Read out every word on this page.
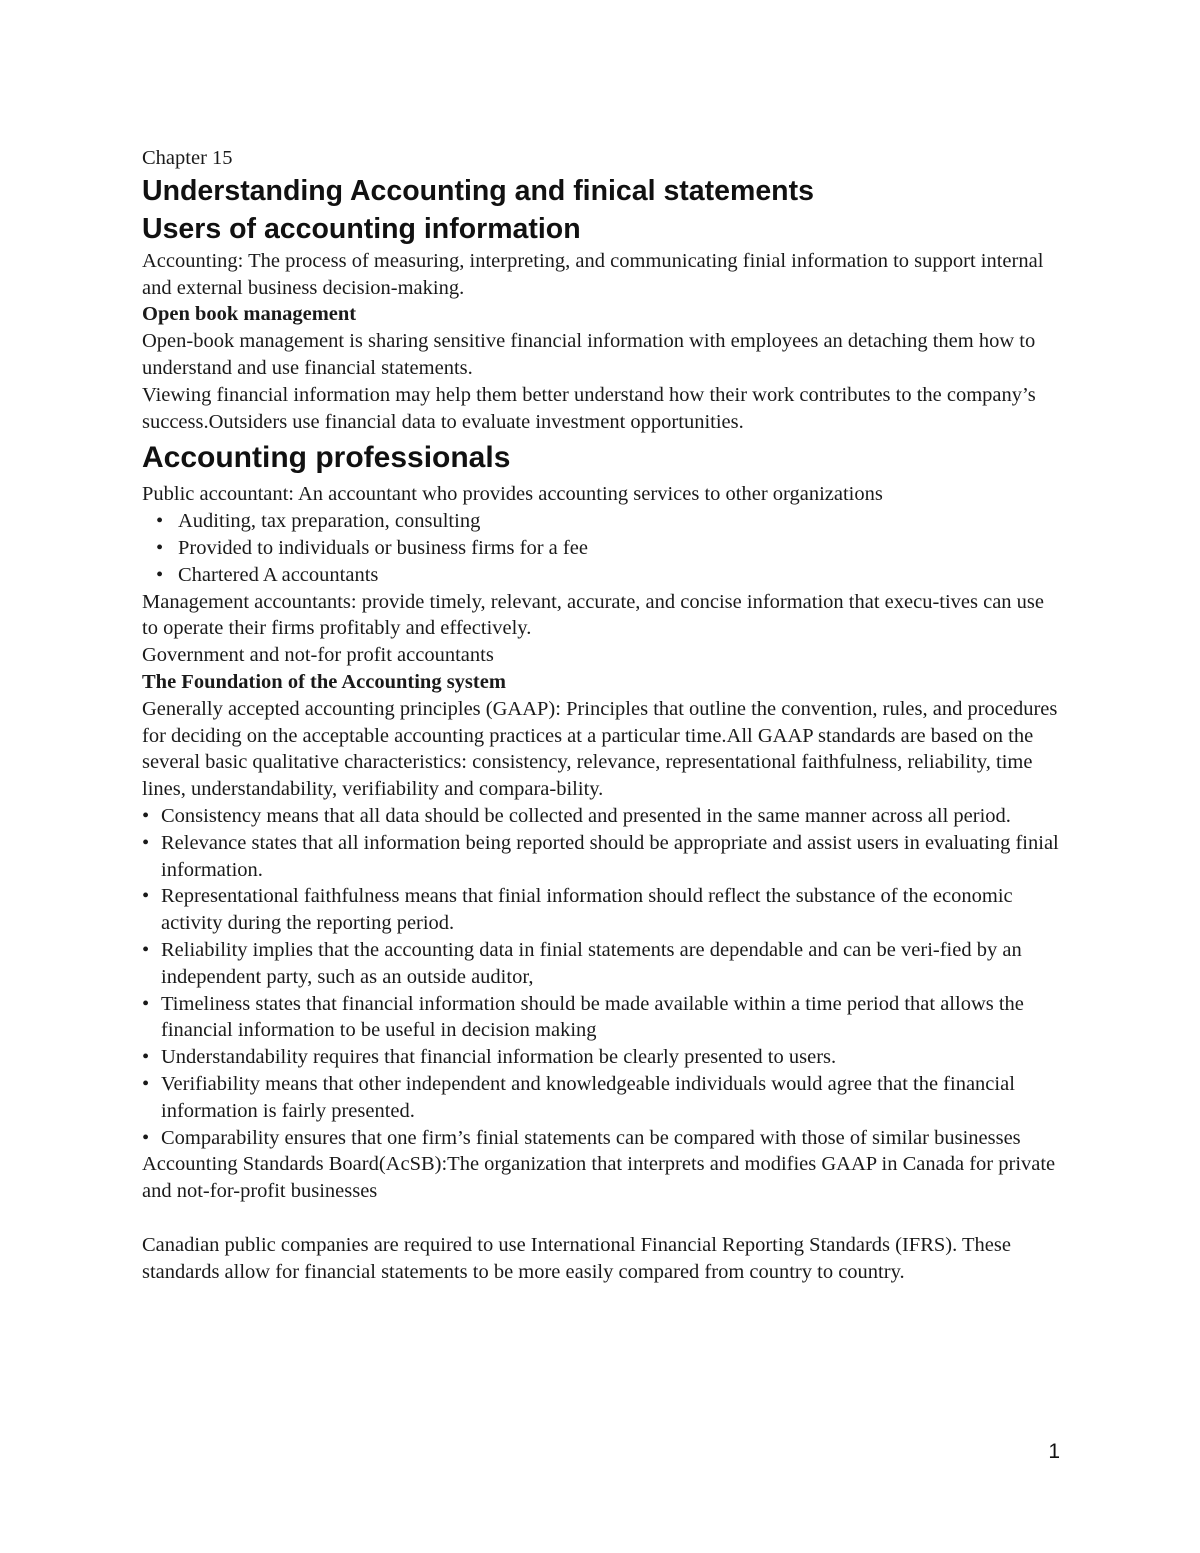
Chapter 15

Understanding Accounting and finical statements
Users of accounting information

Accounting: The process of measuring, interpreting, and communicating finial information to support internal and external business decision-making.

Open book management

Open-book management is sharing sensitive financial information with employees an detaching them how to understand and use financial statements.

Viewing financial information may help them better understand how their work contributes to the company’s success.Outsiders use financial data to evaluate investment opportunities.

Accounting professionals

Public accountant: An accountant who provides accounting services to other organizations

• Auditing, tax preparation, consulting
• Provided to individuals or business firms for a fee
• Chartered A accountants

Management accountants: provide timely, relevant, accurate, and concise information that execu-tives can use to operate their firms profitably and effectively.

Government and not-for profit accountants

The Foundation of the Accounting system

Generally accepted accounting principles (GAAP): Principles that outline the convention, rules, and procedures for deciding on the acceptable accounting practices at a particular time.All GAAP standards are based on the several basic qualitative characteristics: consistency, relevance, representational faithfulness, reliability, time lines, understandability, verifiability and compara-bility.

• Consistency means that all data should be collected and presented in the same manner across all period.
• Relevance states that all information being reported should be appropriate and assist users in evaluating finial information.
• Representational faithfulness means that finial information should reflect the substance of the economic activity during the reporting period.
• Reliability implies that the accounting data in finial statements are dependable and can be veri-fied by an independent party, such as an outside auditor,
• Timeliness states that financial information should be made available within a time period that allows the financial information to be useful in decision making
• Understandability requires that financial information be clearly presented to users.
• Verifiability means that other independent and knowledgeable individuals would agree that the financial information is fairly presented.
• Comparability ensures that one firm’s finial statements can be compared with those of similar businesses

Accounting Standards Board(AcSB):The organization that interprets and modifies GAAP in Canada for private and not-for-profit businesses

Canadian public companies are required to use International Financial Reporting Standards (IFRS). These standards allow for financial statements to be more easily compared from country to country.

1
